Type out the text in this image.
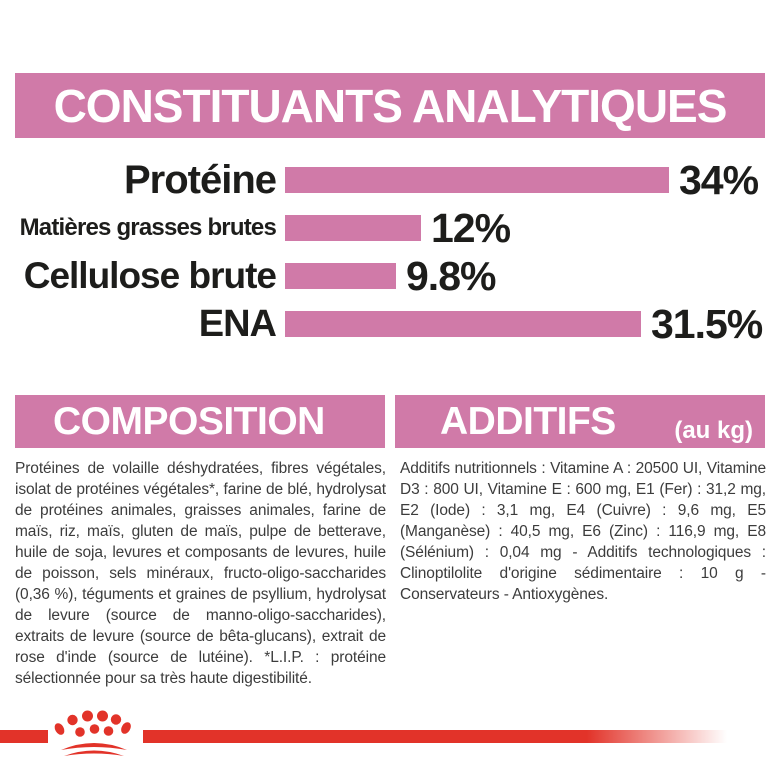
CONSTITUANTS ANALYTIQUES
Protéine	34%
Matières grasses brutes	12%
Cellulose brute	9.8%
ENA	31.5%
COMPOSITION	ADDITIFS (au kg)
Protéines de volaille déshydratées, fibres végétales, isolat de protéines végétales*, farine de blé, hydrolysat de protéines animales, graisses animales, farine de maïs, riz, maïs, gluten de maïs, pulpe de betterave, huile de soja, levures et composants de levures, huile de poisson, sels minéraux, fructo-oligo-saccharides (0,36 %), téguments et graines de psyllium, hydrolysat de levure (source de manno-oligo-saccharides), extraits de levure (source de bêta-glucans), extrait de rose d'inde (source de lutéine). *L.I.P. : protéine sélectionnée pour sa très haute digestibilité.
Additifs nutritionnels : Vitamine A : 20500 UI, Vitamine D3 : 800 UI, Vitamine E : 600 mg, E1 (Fer) : 31,2 mg, E2 (Iode) : 3,1 mg, E4 (Cuivre) : 9,6 mg, E5 (Manganèse) : 40,5 mg, E6 (Zinc) : 116,9 mg, E8 (Sélénium) : 0,04 mg - Additifs technologiques : Clinoptilolite d'origine sédimentaire : 10 g - Conservateurs - Antioxygènes.
